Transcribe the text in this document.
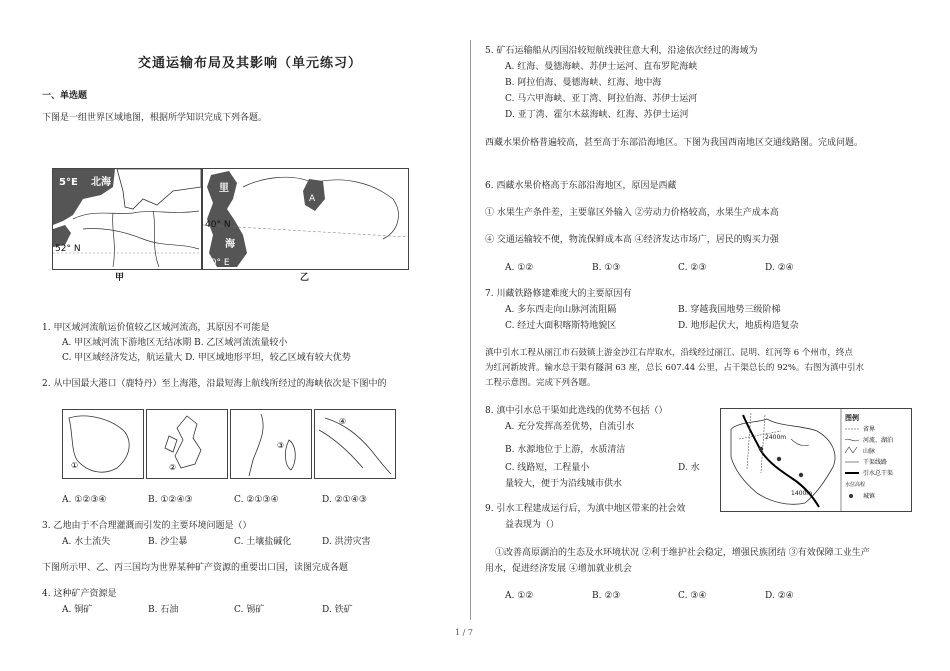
交通运输布局及其影响（单元练习）
一、单选题
下图是一组世界区域地图，根据所学知识完成下列各题。
5°E 北海
52° N
甲
里
A
40° N
海
50° E
乙
1. 甲区域河流航运价值较乙区域河流高，其原因不可能是
A. 甲区域河流下游地区无结冰期 B. 乙区域河流流量较小
C. 甲区域经济发达，航运量大 D. 甲区域地形平坦，较乙区域有较大优势
2. 从中国最大港口（鹿特丹）至上海港，沿最短海上航线所经过的海峡依次是下图中的
①	②
③
④
A. ①②③④	B. ①②④③	C. ②①③④	D. ②①④③
3. 乙地由于不合理灌溉而引发的主要环境问题是（）
A. 水土流失	B. 沙尘暴	C. 土壤盐碱化	D. 洪涝灾害
下图所示甲、乙、丙三国均为世界某种矿产资源的重要出口国，读图完成各题
4. 这种矿产资源是
A. 铜矿	B. 石油	C. 锡矿	D. 铁矿
5. 矿石运输船从丙国沿较短航线驶往意大利，沿途依次经过的海域为
A. 红海、曼德海峡、苏伊士运河、直布罗陀海峡
B. 阿拉伯海、曼德海峡、红海、地中海
C. 马六甲海峡、亚丁湾、阿拉伯海、苏伊士运河
D. 亚丁湾、霍尔木兹海峡、红海、苏伊士运河
西藏水果价格普遍较高，甚至高于东部沿海地区。下图为我国西南地区交通线路图。完成问题。
6. 西藏水果价格高于东部沿海地区，原因是西藏
① 水果生产条件差，主要靠区外输入 ②劳动力价格较高，水果生产成本高
④ 交通运输较不便，物流保鲜成本高 ④经济发达市场广，居民的购买力强
A. ①②	B. ①③	C. ②③	D. ②④
7. 川藏铁路修建难度大的主要原因有
A. 多东西走向山脉河流阻隔	B. 穿越我国地势三级阶梯
C. 经过大面积喀斯特地貌区	D. 地形起伏大，地质构造复杂
滇中引水工程从丽江市石鼓镇上游金沙江右岸取水，沿线经过丽江、昆明、红河等 6 个州市，终点
为红河新坡背。输水总干渠有隧洞 63 座，总长 607.44 公里，占干渠总长的 92%。右图为滇中引水
工程示意图。完成下列各题。
8. 滇中引水总干渠如此选线的优势不包括（）
A. 充分发挥高差优势，自流引水
B. 水源地位于上游，水质清洁
C. 线路短，工程量小	D. 水
量较大，便于为沿线城市供水
9. 引水工程建成运行后，为滇中地区带来的社会效
益表现为（）
①改善高原湖泊的生态及水环境状况 ②利于维护社会稳定，增强民族团结 ③有效保障工业生产
用水，促进经济发展 ④增加就业机会
A. ①②	B. ②③	C. ③④	D. ②④
2400m
1400m
图例
省界
河流、湖泊
山脉
干渠线路
引水总干渠
水位高程
城镇
1 / 7
